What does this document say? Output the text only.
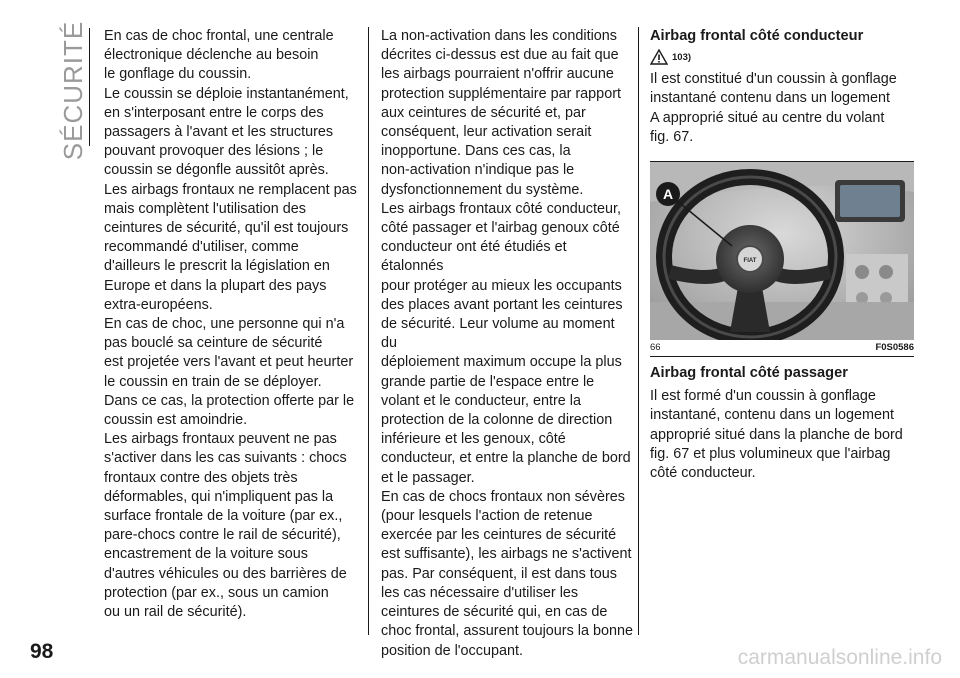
SÉCURITÉ En cas de choc frontal, une centrale
électronique déclenche au besoin
le gonflage du coussin.

Le coussin se déploie instantanément,
en s'interposant entre le corps des
passagers à l'avant et les structures
pouvant provoquer des lésions ; le
coussin se dégonfle aussitôt après.

Les airbags frontaux ne remplacent pas
mais complètent l'utilisation des
ceintures de sécurité, qu'il est toujours
recommandé d'utiliser, comme
d'ailleurs le prescrit la législation en
Europe et dans la plupart des pays
extra-européens.

En cas de choc, une personne qui n'a
pas bouclé sa ceinture de sécurité
est projetée vers l'avant et peut heurter
le coussin en train de se déployer.
Dans ce cas, la protection offerte par le
coussin est amoindrie.

Les airbags frontaux peuvent ne pas
s'activer dans les cas suivants : chocs
frontaux contre des objets très
déformables, qui n'impliquent pas la
surface frontale de la voiture (par ex.,
pare-chocs contre le rail de sécurité),
encastrement de la voiture sous
d'autres véhicules ou des barrières de
protection (par ex., sous un camion
ou un rail de sécurité).

La non-activation dans les conditions
décrites ci-dessus est due au fait que
les airbags pourraient n'offrir aucune
protection supplémentaire par rapport
aux ceintures de sécurité et, par
conséquent, leur activation serait
inopportune. Dans ces cas, la
non-activation n'indique pas le
dysfonctionnement du système.

Les airbags frontaux côté conducteur,
côté passager et l'airbag genoux côté
conducteur ont été étudiés et étalonnés
pour protéger au mieux les occupants
des places avant portant les ceintures
de sécurité. Leur volume au moment du
déploiement maximum occupe la plus
grande partie de l'espace entre le
volant et le conducteur, entre la
protection de la colonne de direction
inférieure et les genoux, côté
conducteur, et entre la planche de bord
et le passager.

En cas de chocs frontaux non sévères
(pour lesquels l'action de retenue
exercée par les ceintures de sécurité
est suffisante), les airbags ne s'activent
pas. Par conséquent, il est dans tous
les cas nécessaire d'utiliser les
ceintures de sécurité qui, en cas de
choc frontal, assurent toujours la bonne
position de l'occupant.

Airbag frontal côté conducteur
103)

Il est constitué d'un coussin à gonflage
instantané contenu dans un logement
A approprié situé au centre du volant
fig. 67.

FIAT
A
66	F0S0586
Airbag frontal côté passager

Il est formé d'un coussin à gonflage
instantané, contenu dans un logement
approprié situé dans la planche de bord
fig. 67 et plus volumineux que l'airbag
côté conducteur.

98	carmanualsonline.info
